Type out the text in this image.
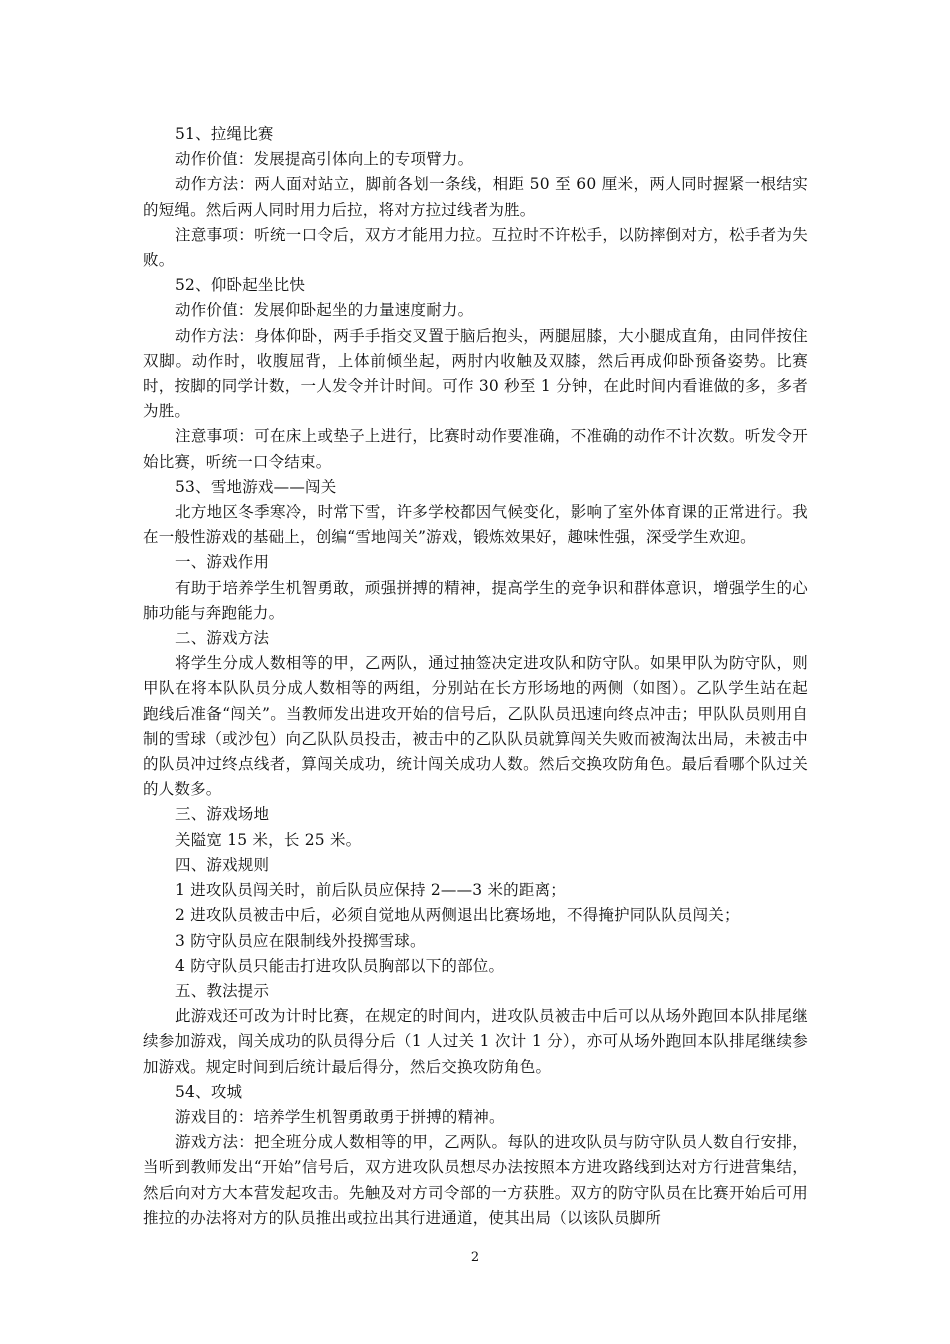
51、拉绳比赛

动作价值：发展提高引体向上的专项臂力。

动作方法：两人面对站立，脚前各划一条线，相距 50 至 60 厘米，两人同时握紧一根结实的短绳。然后两人同时用力后拉，将对方拉过线者为胜。

注意事项：听统一口令后，双方才能用力拉。互拉时不许松手，以防摔倒对方，松手者为失败。

52、仰卧起坐比快

动作价值：发展仰卧起坐的力量速度耐力。

动作方法：身体仰卧，两手手指交叉置于脑后抱头，两腿屈膝，大小腿成直角，由同伴按住双脚。动作时，收腹屈背，上体前倾坐起，两肘内收触及双膝，然后再成仰卧预备姿势。比赛时，按脚的同学计数，一人发令并计时间。可作 30 秒至 1 分钟，在此时间内看谁做的多，多者为胜。

注意事项：可在床上或垫子上进行，比赛时动作要准确，不准确的动作不计次数。听发令开始比赛，听统一口令结束。

53、雪地游戏——闯关

北方地区冬季寒冷，时常下雪，许多学校都因气候变化，影响了室外体育课的正常进行。我在一般性游戏的基础上，创编“雪地闯关”游戏，锻炼效果好，趣味性强，深受学生欢迎。

一、游戏作用

有助于培养学生机智勇敢，顽强拼搏的精神，提高学生的竞争识和群体意识，增强学生的心肺功能与奔跑能力。

二、游戏方法

将学生分成人数相等的甲，乙两队，通过抽签决定进攻队和防守队。如果甲队为防守队，则甲队在将本队队员分成人数相等的两组，分别站在长方形场地的两侧（如图）。乙队学生站在起跑线后准备“闯关”。当教师发出进攻开始的信号后，乙队队员迅速向终点冲击；甲队队员则用自制的雪球（或沙包）向乙队队员投击，被击中的乙队队员就算闯关失败而被淘汰出局，未被击中的队员冲过终点线者，算闯关成功，统计闯关成功人数。然后交换攻防角色。最后看哪个队过关的人数多。

三、游戏场地

关隘宽 15 米，长 25 米。

四、游戏规则

1 进攻队员闯关时，前后队员应保持 2——3 米的距离；

2 进攻队员被击中后，必须自觉地从两侧退出比赛场地，不得掩护同队队员闯关；

3 防守队员应在限制线外投掷雪球。

4 防守队员只能击打进攻队员胸部以下的部位。

五、教法提示

此游戏还可改为计时比赛，在规定的时间内，进攻队员被击中后可以从场外跑回本队排尾继续参加游戏，闯关成功的队员得分后（1 人过关 1 次计 1 分），亦可从场外跑回本队排尾继续参加游戏。规定时间到后统计最后得分，然后交换攻防角色。

54、攻城

游戏目的：培养学生机智勇敢勇于拼搏的精神。

游戏方法：把全班分成人数相等的甲，乙两队。每队的进攻队员与防守队员人数自行安排，当听到教师发出“开始”信号后，双方进攻队员想尽办法按照本方进攻路线到达对方行进营集结，然后向对方大本营发起攻击。先触及对方司令部的一方获胜。双方的防守队员在比赛开始后可用推拉的办法将对方的队员推出或拉出其行进通道，使其出局（以该队员脚所

2
